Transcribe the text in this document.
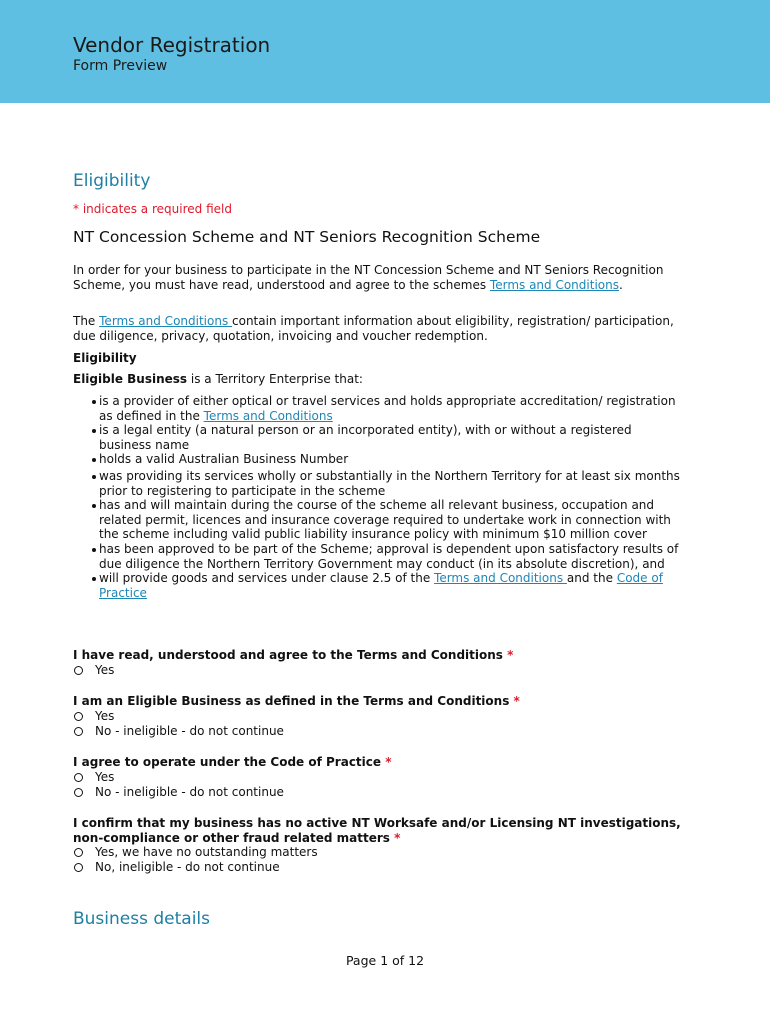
Vendor Registration
Form Preview
Eligibility
* indicates a required field
NT Concession Scheme and NT Seniors Recognition Scheme
In order for your business to participate in the NT Concession Scheme and NT Seniors Recognition Scheme, you must have read, understood and agree to the schemes Terms and Conditions.
The Terms and Conditions contain important information about eligibility, registration/ participation, due diligence, privacy, quotation, invoicing and voucher redemption.
Eligibility
Eligible Business is a Territory Enterprise that:
is a provider of either optical or travel services and holds appropriate accreditation/ registration as defined in the Terms and Conditions
is a legal entity (a natural person or an incorporated entity), with or without a registered business name
holds a valid Australian Business Number
was providing its services wholly or substantially in the Northern Territory for at least six months prior to registering to participate in the scheme
has and will maintain during the course of the scheme all relevant business, occupation and related permit, licences and insurance coverage required to undertake work in connection with the scheme including valid public liability insurance policy with minimum $10 million cover
has been approved to be part of the Scheme; approval is dependent upon satisfactory results of due diligence the Northern Territory Government may conduct (in its absolute discretion), and
will provide goods and services under clause 2.5 of the Terms and Conditions and the Code of Practice
I have read, understood and agree to the Terms and Conditions *
Yes
I am an Eligible Business as defined in the Terms and Conditions *
Yes
No - ineligible - do not continue
I agree to operate under the Code of Practice *
Yes
No - ineligible - do not continue
I confirm that my business has no active NT Worksafe and/or Licensing NT investigations, non-compliance or other fraud related matters *
Yes, we have no outstanding matters
No, ineligible - do not continue
Business details
Page 1 of 12
